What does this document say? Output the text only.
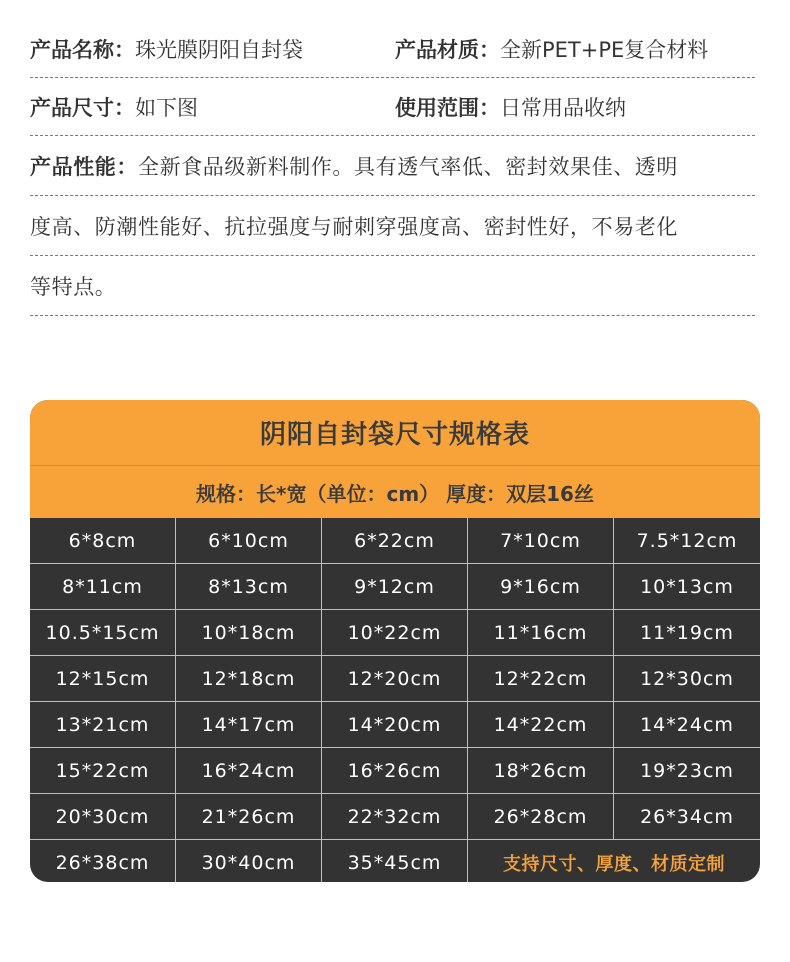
产品名称： 珠光膜阴阳自封袋	产品材质： 全新PET+PE复合材料
产品尺寸： 如下图	使用范围： 日常用品收纳
产品性能： 全新食品级新料制作。具有透气率低、密封效果佳、透明
度高、防潮性能好、抗拉强度与耐刺穿强度高、密封性好，不易老化
等特点。
阴阳自封袋尺寸规格表
规格：长*宽（单位：cm） 厚度：双层16丝
6*8cm	6*10cm	6*22cm	7*10cm	7.5*12cm
8*11cm	8*13cm	9*12cm	9*16cm	10*13cm
10.5*15cm	10*18cm	10*22cm	11*16cm	11*19cm
12*15cm	12*18cm	12*20cm	12*22cm	12*30cm
13*21cm	14*17cm	14*20cm	14*22cm	14*24cm
15*22cm	16*24cm	16*26cm	18*26cm	19*23cm
20*30cm	21*26cm	22*32cm	26*28cm	26*34cm
26*38cm	30*40cm	35*45cm	支持尺寸、厚度、材质定制
